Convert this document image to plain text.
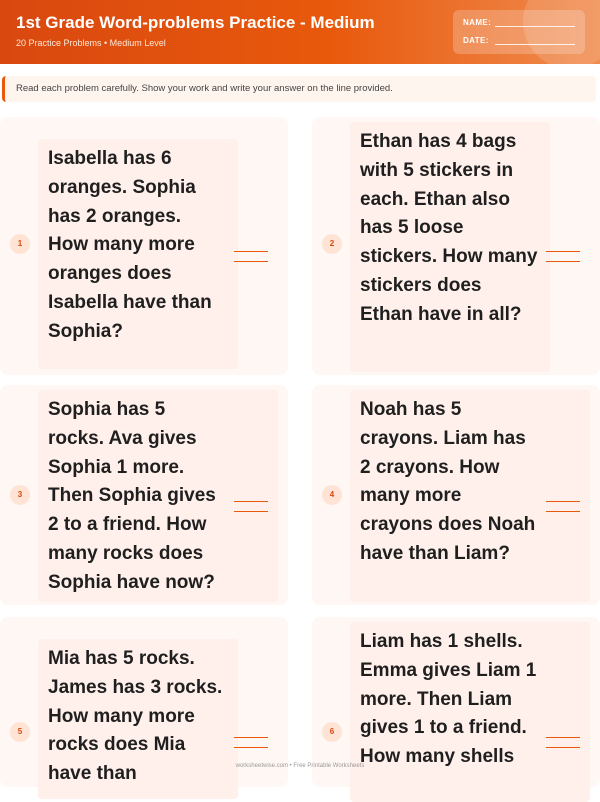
1st Grade Word-problems Practice - Medium
20 Practice Problems • Medium Level
NAME:
DATE:
Read each problem carefully. Show your work and write your answer on the line provided.
1

Isabella has 6 oranges. Sophia has 2 oranges. How many more oranges does Isabella have than Sophia?

2

Ethan has 4 bags with 5 stickers in each. Ethan also has 5 loose stickers. How many stickers does Ethan have in all?

3

Sophia has 5 rocks. Ava gives Sophia 1 more. Then Sophia gives 2 to a friend. How many rocks does Sophia have now?

4

Noah has 5 crayons. Liam has 2 crayons. How many more crayons does Noah have than Liam?

5

Mia has 5 rocks. James has 3 rocks. How many more rocks does Mia have than

6

Liam has 1 shells. Emma gives Liam 1 more. Then Liam gives 1 to a friend. How many shells

worksheetwise.com • Free Printable Worksheets
